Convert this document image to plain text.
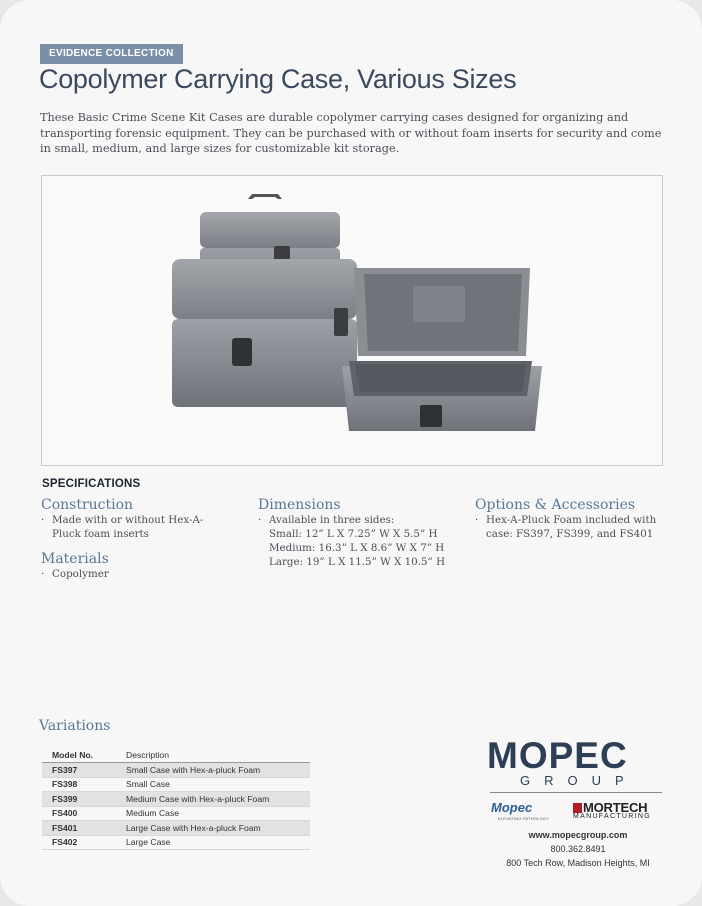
EVIDENCE COLLECTION
Copolymer Carrying Case, Various Sizes
These Basic Crime Scene Kit Cases are durable copolymer carrying cases designed for organizing and transporting forensic equipment. They can be purchased with or without foam inserts for security and come in small, medium, and large sizes for customizable kit storage.
SPECIFICATIONS
Construction
· Made with or without Hex-A-
Pluck foam inserts
Materials
· Copolymer
Dimensions
· Available in three sides:
Small: 12” L X 7.25” W X 5.5” H
Medium: 16.3” L X 8.6” W X 7” H
Large: 19” L X 11.5” W X 10.5” H
Options & Accessories
· Hex-A-Pluck Foam included with
case: FS397, FS399, and FS401
Variations
Model No.	Description
FS397	Small Case with Hex-a-pluck Foam
FS398	Small Case
FS399	Medium Case with Hex-a-pluck Foam
FS400	Medium Case
FS401	Large Case with Hex-a-pluck Foam
FS402	Large Case
MOPEC
GROUP
Mopec
ELEVATING PATHOLOGY
MORTECH
MANUFACTURING
www.mopecgroup.com
800.362.8491
800 Tech Row, Madison Heights, MI
